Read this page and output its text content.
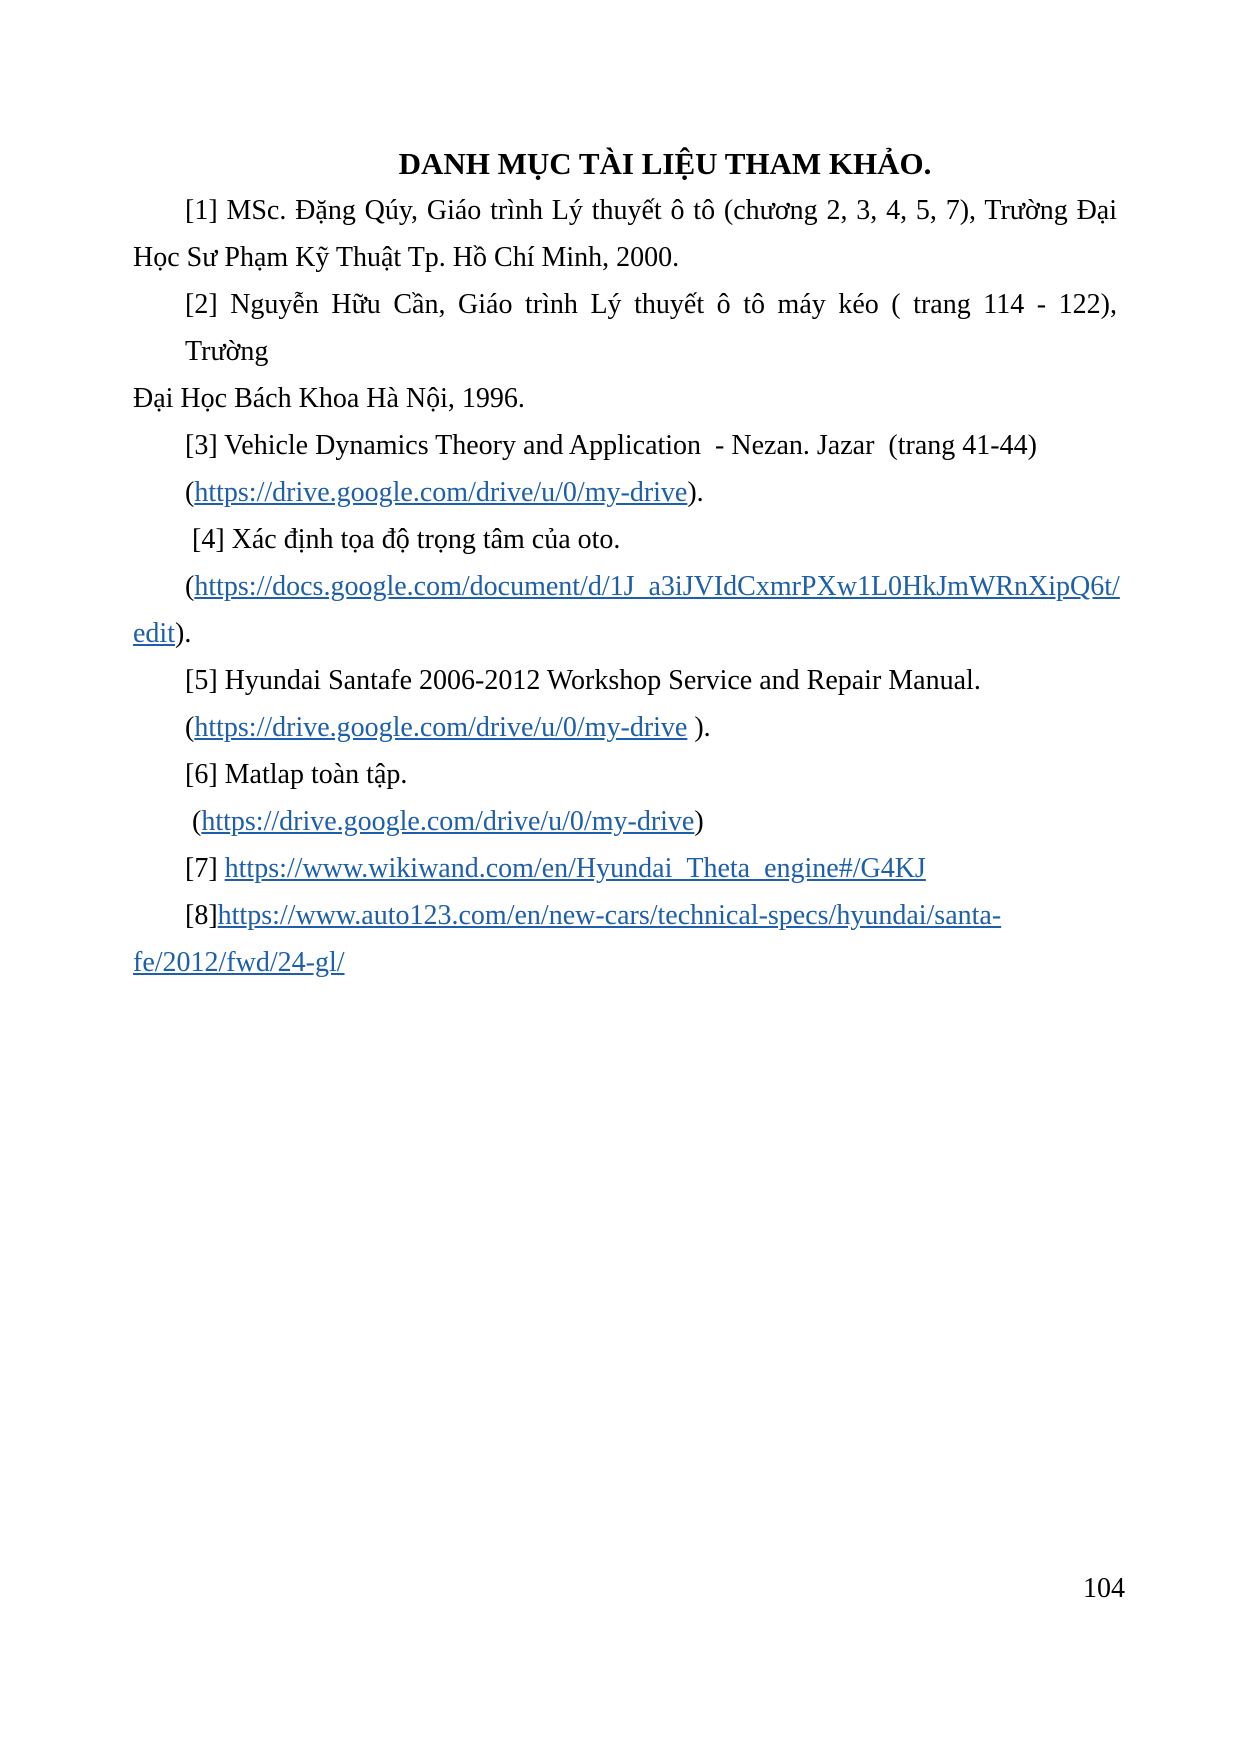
DANH MỤC TÀI LIỆU THAM KHẢO.
[1] MSc. Đặng Qúy, Giáo trình Lý thuyết ô tô (chương 2, 3, 4, 5, 7), Trường Đại
Học Sư Phạm Kỹ Thuật Tp. Hồ Chí Minh, 2000.
[2] Nguyễn Hữu Cần, Giáo trình Lý thuyết ô tô máy kéo ( trang 114 - 122), Trường
Đại Học Bách Khoa Hà Nội, 1996.
[3] Vehicle Dynamics Theory and Application  - Nezan. Jazar  (trang 41-44)
(https://drive.google.com/drive/u/0/my-drive).
[4] Xác định tọa độ trọng tâm của oto.
(https://docs.google.com/document/d/1J_a3iJVIdCxmrPXw1L0HkJmWRnXipQ6t/
edit).
[5] Hyundai Santafe 2006-2012 Workshop Service and Repair Manual.
(https://drive.google.com/drive/u/0/my-drive ).
[6] Matlap toàn tập.
(https://drive.google.com/drive/u/0/my-drive)
[7] https://www.wikiwand.com/en/Hyundai_Theta_engine#/G4KJ
[8]https://www.auto123.com/en/new-cars/technical-specs/hyundai/santa-
fe/2012/fwd/24-gl/
104
